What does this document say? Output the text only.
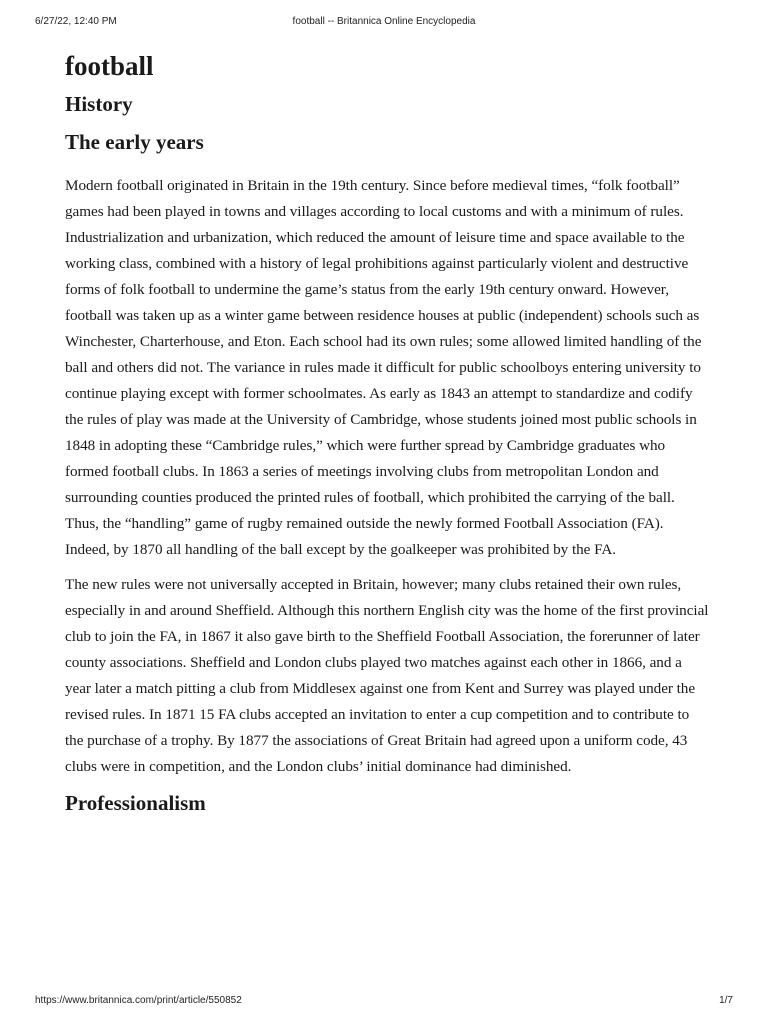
6/27/22, 12:40 PM	football -- Britannica Online Encyclopedia
football
History
The early years

Modern football originated in Britain in the 19th century. Since before medieval times, “folk football” games had been played in towns and villages according to local customs and with a minimum of rules. Industrialization and urbanization, which reduced the amount of leisure time and space available to the working class, combined with a history of legal prohibitions against particularly violent and destructive forms of folk football to undermine the game’s status from the early 19th century onward. However, football was taken up as a winter game between residence houses at public (independent) schools such as Winchester, Charterhouse, and Eton. Each school had its own rules; some allowed limited handling of the ball and others did not. The variance in rules made it difficult for public schoolboys entering university to continue playing except with former schoolmates. As early as 1843 an attempt to standardize and codify the rules of play was made at the University of Cambridge, whose students joined most public schools in 1848 in adopting these “Cambridge rules,” which were further spread by Cambridge graduates who formed football clubs. In 1863 a series of meetings involving clubs from metropolitan London and surrounding counties produced the printed rules of football, which prohibited the carrying of the ball. Thus, the “handling” game of rugby remained outside the newly formed Football Association (FA). Indeed, by 1870 all handling of the ball except by the goalkeeper was prohibited by the FA.

The new rules were not universally accepted in Britain, however; many clubs retained their own rules, especially in and around Sheffield. Although this northern English city was the home of the first provincial club to join the FA, in 1867 it also gave birth to the Sheffield Football Association, the forerunner of later county associations. Sheffield and London clubs played two matches against each other in 1866, and a year later a match pitting a club from Middlesex against one from Kent and Surrey was played under the revised rules. In 1871 15 FA clubs accepted an invitation to enter a cup competition and to contribute to the purchase of a trophy. By 1877 the associations of Great Britain had agreed upon a uniform code, 43 clubs were in competition, and the London clubs’ initial dominance had diminished.

Professionalism
https://www.britannica.com/print/article/550852	1/7
